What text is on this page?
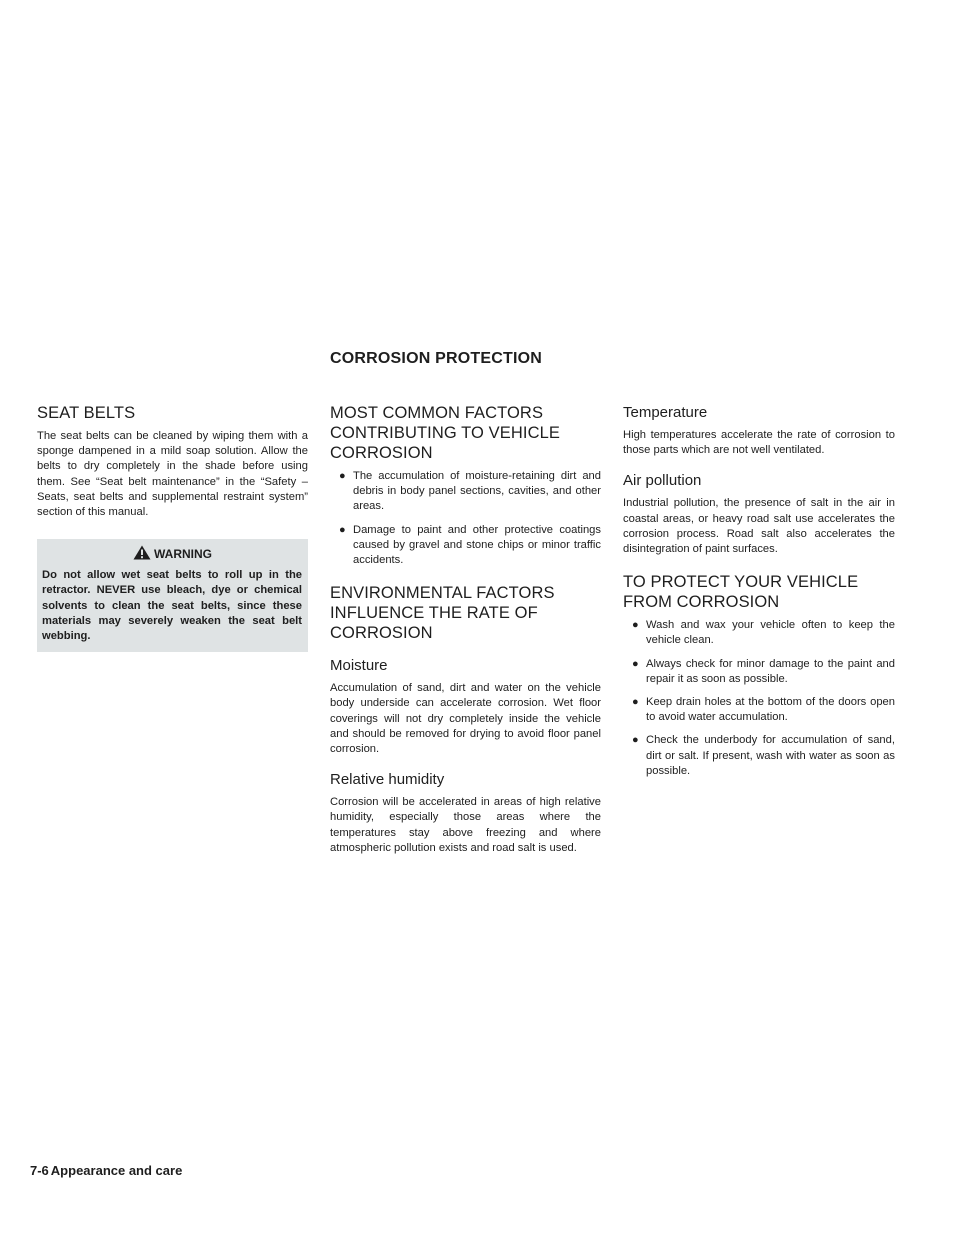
CORROSION PROTECTION
SEAT BELTS

The seat belts can be cleaned by wiping them with a sponge dampened in a mild soap solution. Allow the belts to dry completely in the shade before using them. See “Seat belt maintenance” in the “Safety – Seats, seat belts and supplemental restraint system” section of this manual.

WARNING
Do not allow wet seat belts to roll up in the retractor. NEVER use bleach, dye or chemical solvents to clean the seat belts, since these materials may severely weaken the seat belt webbing.
MOST COMMON FACTORS CONTRIBUTING TO VEHICLE CORROSION
● The accumulation of moisture-retaining dirt and debris in body panel sections, cavities, and other areas.
● Damage to paint and other protective coatings caused by gravel and stone chips or minor traffic accidents.
ENVIRONMENTAL FACTORS INFLUENCE THE RATE OF CORROSION
Moisture

Accumulation of sand, dirt and water on the vehicle body underside can accelerate corrosion. Wet floor coverings will not dry completely inside the vehicle and should be removed for drying to avoid floor panel corrosion.

Relative humidity

Corrosion will be accelerated in areas of high relative humidity, especially those areas where the temperatures stay above freezing and where atmospheric pollution exists and road salt is used.

Temperature

High temperatures accelerate the rate of corrosion to those parts which are not well ventilated.

Air pollution

Industrial pollution, the presence of salt in the air in coastal areas, or heavy road salt use accelerates the corrosion process. Road salt also accelerates the disintegration of paint surfaces.

TO PROTECT YOUR VEHICLE FROM CORROSION
● Wash and wax your vehicle often to keep the vehicle clean.
● Always check for minor damage to the paint and repair it as soon as possible.
● Keep drain holes at the bottom of the doors open to avoid water accumulation.
● Check the underbody for accumulation of sand, dirt or salt. If present, wash with water as soon as possible.
7-6 Appearance and care
